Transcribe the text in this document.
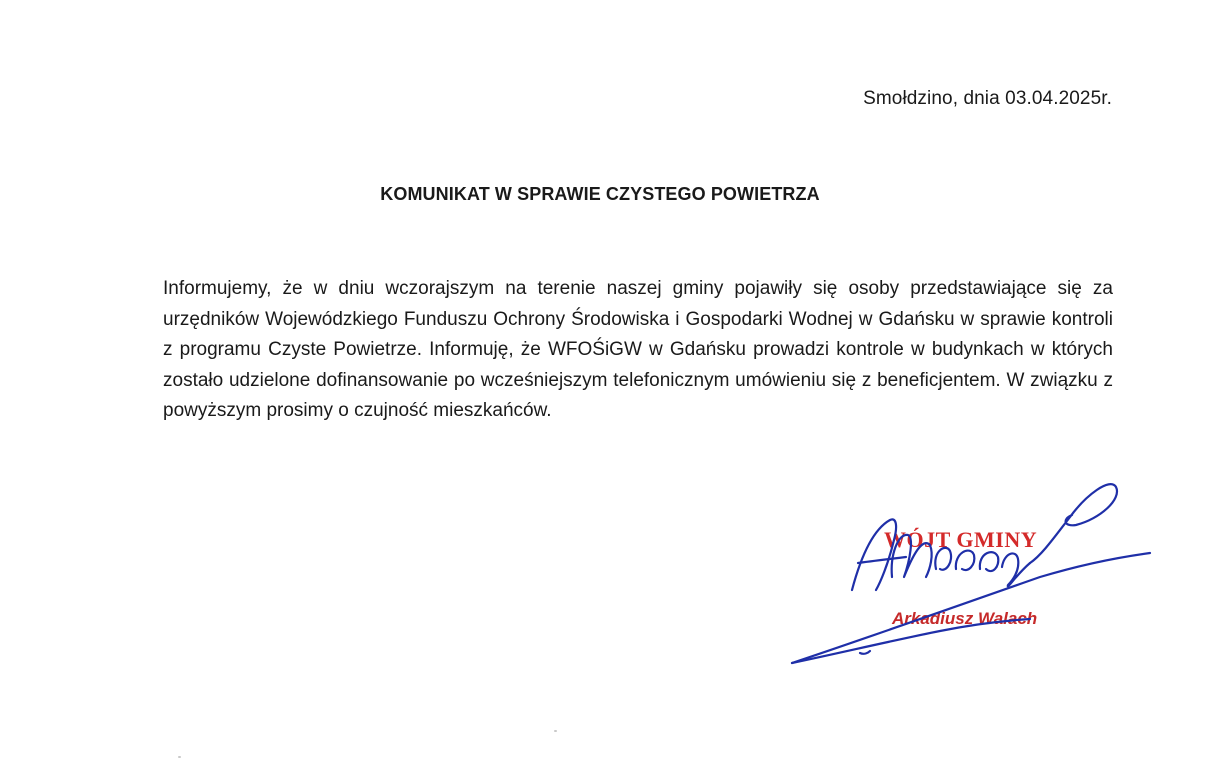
Smołdzino, dnia 03.04.2025r.
KOMUNIKAT W SPRAWIE CZYSTEGO POWIETRZA

Informujemy, że w dniu wczorajszym na terenie naszej gminy pojawiły się osoby przedstawiające się za urzędników Wojewódzkiego Funduszu Ochrony Środowiska i Gospodarki Wodnej w Gdańsku w sprawie kontroli z programu Czyste Powietrze. Informuję, że WFOŚiGW w Gdańsku prowadzi kontrole w budynkach w których zostało udzielone dofinansowanie po wcześniejszym telefonicznym umówieniu się z beneficjentem. W związku z powyższym prosimy o czujność mieszkańców.

WÓJT GMINY
Arkadiusz Walach
